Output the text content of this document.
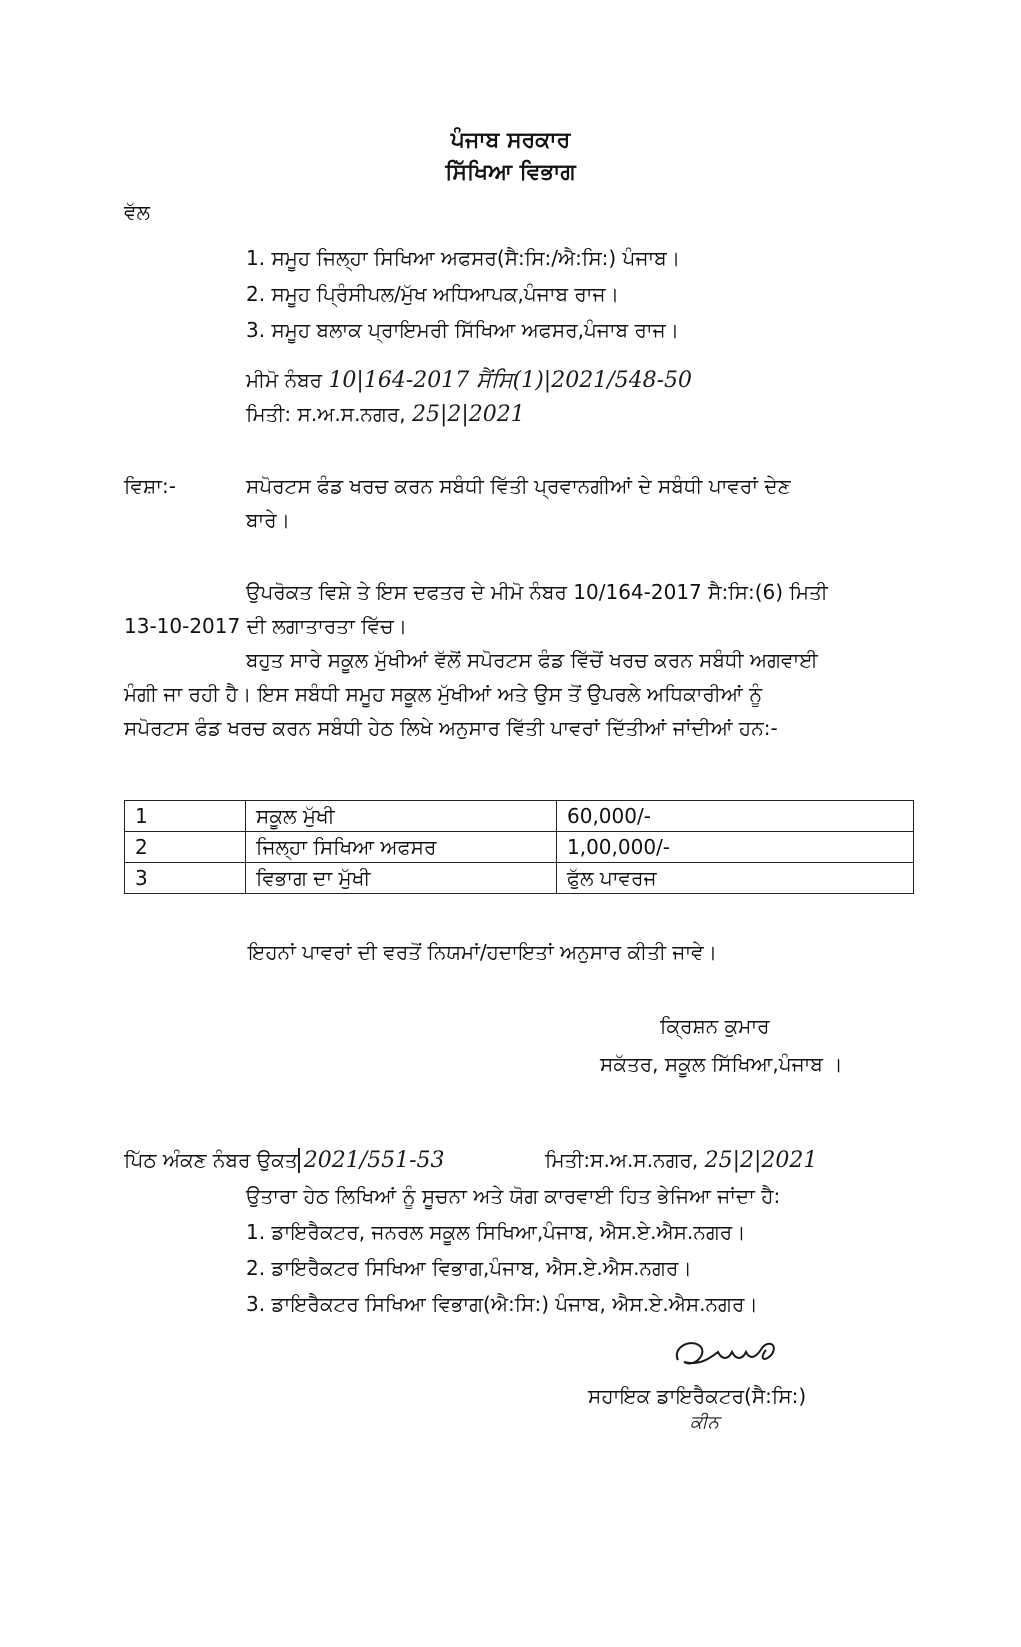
ਪੰਜਾਬ ਸਰਕਾਰ
ਸਿੱਖਿਆ ਵਿਭਾਗ
ਵੱਲ
1. ਸਮੂਹ ਜਿਲ੍ਹਾ ਸਿਖਿਆ ਅਫਸਰ(ਸੈ:ਸਿ:/ਐ:ਸਿ:) ਪੰਜਾਬ।
2. ਸਮੂਹ ਪ੍ਰਿੰਸੀਪਲ/ਮੁੱਖ ਅਧਿਆਪਕ,ਪੰਜਾਬ ਰਾਜ।
3. ਸਮੂਹ ਬਲਾਕ ਪ੍ਰਾਇਮਰੀ ਸਿੱਖਿਆ ਅਫਸਰ,ਪੰਜਾਬ ਰਾਜ।
ਮੀਮੋ ਨੰਬਰ 10|164-2017 ਸੈਂਸਿ(1)|2021/548-50
ਮਿਤੀ: ਸ.ਅ.ਸ.ਨਗਰ, 25|2|2021
ਵਿਸ਼ਾ:-	ਸਪੋਰਟਸ ਫੰਡ ਖਰਚ ਕਰਨ ਸਬੰਧੀ ਵਿੱਤੀ ਪ੍ਰਵਾਨਗੀਆਂ ਦੇ ਸਬੰਧੀ ਪਾਵਰਾਂ ਦੇਣ
ਬਾਰੇ।
ਉਪਰੋਕਤ ਵਿਸ਼ੇ ਤੇ ਇਸ ਦਫਤਰ ਦੇ ਮੀਮੋ ਨੰਬਰ 10/164-2017 ਸੈ:ਸਿ:(6) ਮਿਤੀ
13-10-2017 ਦੀ ਲਗਾਤਾਰਤਾ ਵਿੱਚ।
ਬਹੁਤ ਸਾਰੇ ਸਕੂਲ ਮੁੱਖੀਆਂ ਵੱਲੋਂ ਸਪੋਰਟਸ ਫੰਡ ਵਿੱਚੋਂ ਖਰਚ ਕਰਨ ਸਬੰਧੀ ਅਗਵਾਈ
ਮੰਗੀ ਜਾ ਰਹੀ ਹੈ। ਇਸ ਸਬੰਧੀ ਸਮੂਹ ਸਕੂਲ ਮੁੱਖੀਆਂ ਅਤੇ ਉਸ ਤੋਂ ਉਪਰਲੇ ਅਧਿਕਾਰੀਆਂ ਨੂੰ
ਸਪੋਰਟਸ ਫੰਡ ਖਰਚ ਕਰਨ ਸਬੰਧੀ ਹੇਠ ਲਿਖੇ ਅਨੁਸਾਰ ਵਿੱਤੀ ਪਾਵਰਾਂ ਦਿੱਤੀਆਂ ਜਾਂਦੀਆਂ ਹਨ:-
1	ਸਕੂਲ ਮੁੱਖੀ	60,000/-
2	ਜਿਲ੍ਹਾ ਸਿਖਿਆ ਅਫਸਰ	1,00,000/-
3	ਵਿਭਾਗ ਦਾ ਮੁੱਖੀ	ਫੁੱਲ ਪਾਵਰਜ
ਇਹਨਾਂ ਪਾਵਰਾਂ ਦੀ ਵਰਤੋਂ ਨਿਯਮਾਂ/ਹਦਾਇਤਾਂ ਅਨੁਸਾਰ ਕੀਤੀ ਜਾਵੇ।
ਕ੍ਰਿਸ਼ਨ ਕੁਮਾਰ
ਸਕੱਤਰ, ਸਕੂਲ ਸਿੱਖਿਆ,ਪੰਜਾਬ ।
ਪਿੱਠ ਅੰਕਣ ਨੰਬਰ ਉਕਤ 2021/551-53	ਮਿਤੀ:ਸ.ਅ.ਸ.ਨਗਰ, 25|2|2021
ਉਤਾਰਾ ਹੇਠ ਲਿਖਿਆਂ ਨੂੰ ਸੂਚਨਾ ਅਤੇ ਯੋਗ ਕਾਰਵਾਈ ਹਿਤ ਭੇਜਿਆ ਜਾਂਦਾ ਹੈ:
1. ਡਾਇਰੈਕਟਰ, ਜਨਰਲ ਸਕੂਲ ਸਿਖਿਆ,ਪੰਜਾਬ, ਐਸ.ਏ.ਐਸ.ਨਗਰ।
2. ਡਾਇਰੈਕਟਰ ਸਿਖਿਆ ਵਿਭਾਗ,ਪੰਜਾਬ, ਐਸ.ਏ.ਐਸ.ਨਗਰ।
3. ਡਾਇਰੈਕਟਰ ਸਿਖਿਆ ਵਿਭਾਗ(ਐ:ਸਿ:) ਪੰਜਾਬ, ਐਸ.ਏ.ਐਸ.ਨਗਰ।
ਸਹਾਇਕ ਡਾਇਰੈਕਟਰ(ਸੈ:ਸਿ:)
ਕੀਨ
